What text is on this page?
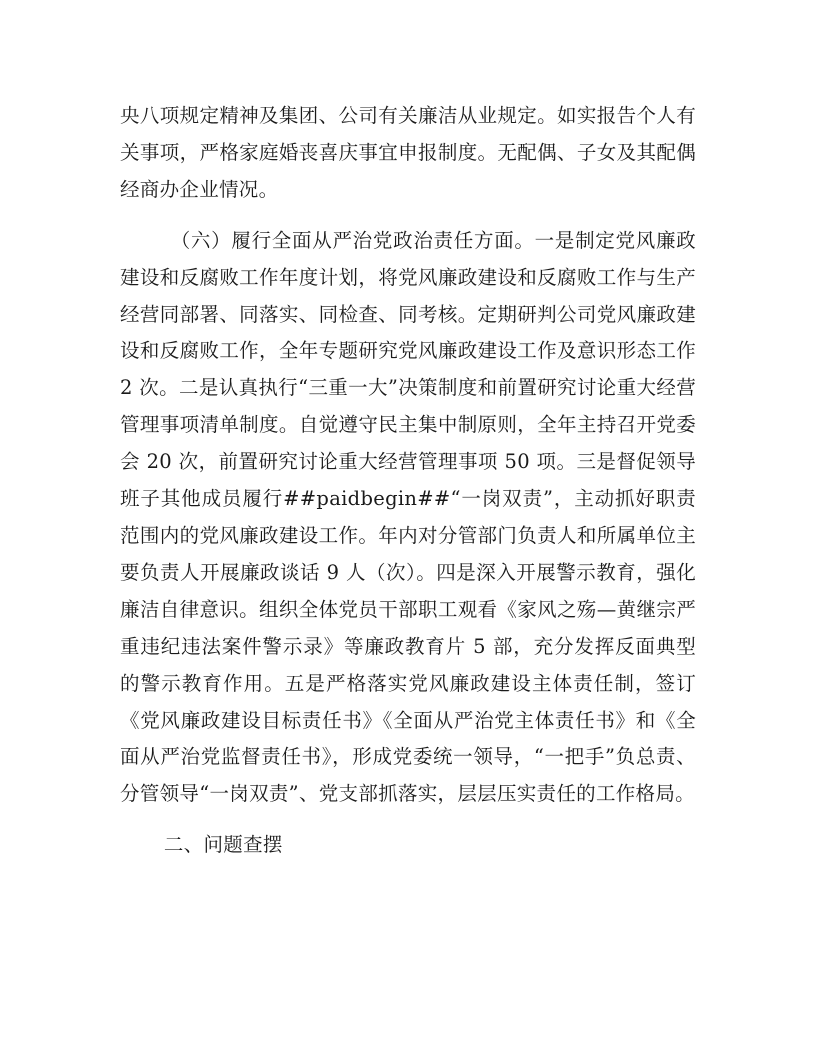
央八项规定精神及集团、公司有关廉洁从业规定。如实报告个人有关事项，严格家庭婚丧喜庆事宜申报制度。无配偶、子女及其配偶经商办企业情况。

（六）履行全面从严治党政治责任方面。一是制定党风廉政建设和反腐败工作年度计划，将党风廉政建设和反腐败工作与生产经营同部署、同落实、同检查、同考核。定期研判公司党风廉政建设和反腐败工作，全年专题研究党风廉政建设工作及意识形态工作 2 次。二是认真执行“三重一大”决策制度和前置研究讨论重大经营管理事项清单制度。自觉遵守民主集中制原则，全年主持召开党委会 20 次，前置研究讨论重大经营管理事项 50 项。三是督促领导班子其他成员履行##paidbegin##“一岗双责”，主动抓好职责范围内的党风廉政建设工作。年内对分管部门负责人和所属单位主要负责人开展廉政谈话 9 人（次）。四是深入开展警示教育，强化廉洁自律意识。组织全体党员干部职工观看《家风之殇—黄继宗严重违纪违法案件警示录》等廉政教育片 5 部，充分发挥反面典型的警示教育作用。五是严格落实党风廉政建设主体责任制，签订《党风廉政建设目标责任书》《全面从严治党主体责任书》和《全面从严治党监督责任书》，形成党委统一领导，“一把手”负总责、分管领导“一岗双责”、党支部抓落实，层层压实责任的工作格局。

二、问题查摆
